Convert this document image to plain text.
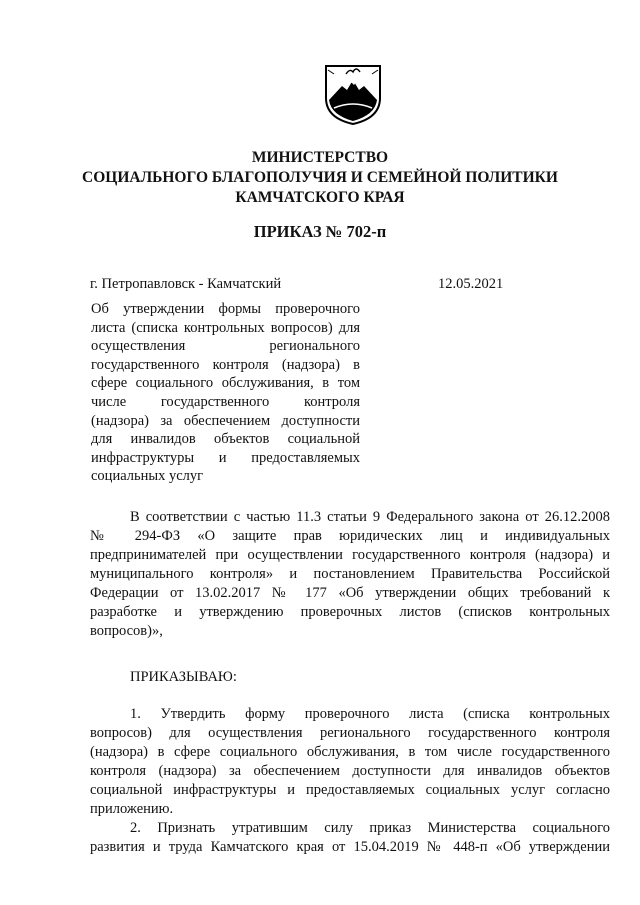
МИНИСТЕРСТВО
СОЦИАЛЬНОГО БЛАГОПОЛУЧИЯ И СЕМЕЙНОЙ ПОЛИТИКИ
КАМЧАТСКОГО КРАЯ
ПРИКАЗ № 702-п
г. Петропавловск - Камчатский	12.05.2021
Об утверждении формы проверочного
листа (списка контрольных вопросов) для
осуществления регионального
государственного контроля (надзора) в
сфере социального обслуживания, в том
числе государственного контроля
(надзора) за обеспечением доступности
для инвалидов объектов социальной
инфраструктуры и предоставляемых
социальных услуг
В соответствии с частью 11.3 статьи 9 Федерального закона от 26.12.2008
№ 294-ФЗ «О защите прав юридических лиц и индивидуальных
предпринимателей при осуществлении государственного контроля (надзора) и
муниципального контроля» и постановлением Правительства Российской
Федерации от 13.02.2017 № 177 «Об утверждении общих требований к
разработке и утверждению проверочных листов (списков контрольных
вопросов)»,
ПРИКАЗЫВАЮ:
1. Утвердить форму проверочного листа (списка контрольных
вопросов) для осуществления регионального государственного контроля
(надзора) в сфере социального обслуживания, в том числе государственного
контроля (надзора) за обеспечением доступности для инвалидов объектов
социальной инфраструктуры и предоставляемых социальных услуг согласно
приложению.
2. Признать утратившим силу приказ Министерства социального
развития и труда Камчатского края от 15.04.2019 № 448-п «Об утверждении
